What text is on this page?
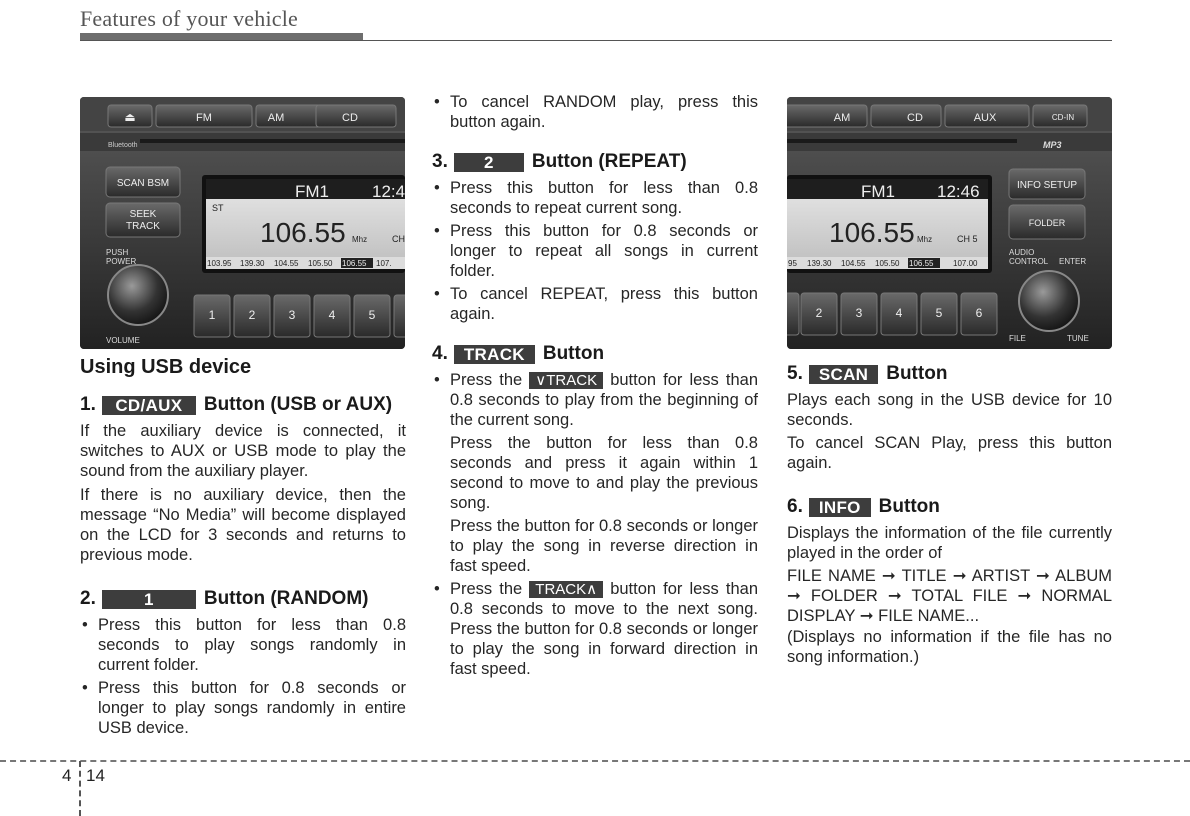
Features of your vehicle
⏏	FM	AM	CD
Bluetooth
SCAN BSM
SEEK
TRACK
PUSH
POWER
VOLUME
FM1	12:4
ST
106.55 Mhz	CH
103.95 139.30 104.55 105.50 106.55 107.
1	2	3	4	5
AM	CD	AUX	CD-IN
MP3
FM1 12:46
106.55 Mhz	CH 5
95 139.30 104.55 105.50 106.55 107.00
INFO SETUP
FOLDER
AUDIO
CONTROL ENTER
FILE	TUNE
2	3	4	5	6
Using USB device
1.	CD/AUX	Button (USB or AUX)

If the auxiliary device is connected, it switches to AUX or USB mode to play the sound from the auxiliary player.

If there is no auxiliary device, then the message “No Media” will become displayed on the LCD for 3 seconds and returns to previous mode.

2.	1	Button (RANDOM)
• Press this button for less than 0.8 seconds to play songs randomly in current folder.
• Press this button for 0.8 seconds or longer to play songs randomly in entire USB device.
• To cancel RANDOM play, press this button again.
3.	2	Button (REPEAT)
• Press this button for less than 0.8 seconds to repeat current song.
• Press this button for 0.8 seconds or longer to repeat all songs in current folder.
• To cancel REPEAT, press this button again.
4. TRACK Button
• Press the ∨TRACK button for less than 0.8 seconds to play from the beginning of the current song.

Press the button for less than 0.8 seconds and press it again within 1 second to move to and play the previous song.

Press the button for 0.8 seconds or longer to play the song in reverse direction in fast speed.

• Press the TRACK∧ button for less than 0.8 seconds to move to the next song. Press the button for 0.8 seconds or longer to play the song in forward direction in fast speed.
5. SCAN Button

Plays each song in the USB device for 10 seconds.

To cancel SCAN Play, press this button again.

6. INFO Button

Displays the information of the file currently played in the order of

FILE NAME ➞ TITLE ➞ ARTIST ➞ ALBUM ➞ FOLDER ➞ TOTAL FILE ➞ NORMAL DISPLAY ➞ FILE NAME...

(Displays no information if the file has no song information.)

4 14
